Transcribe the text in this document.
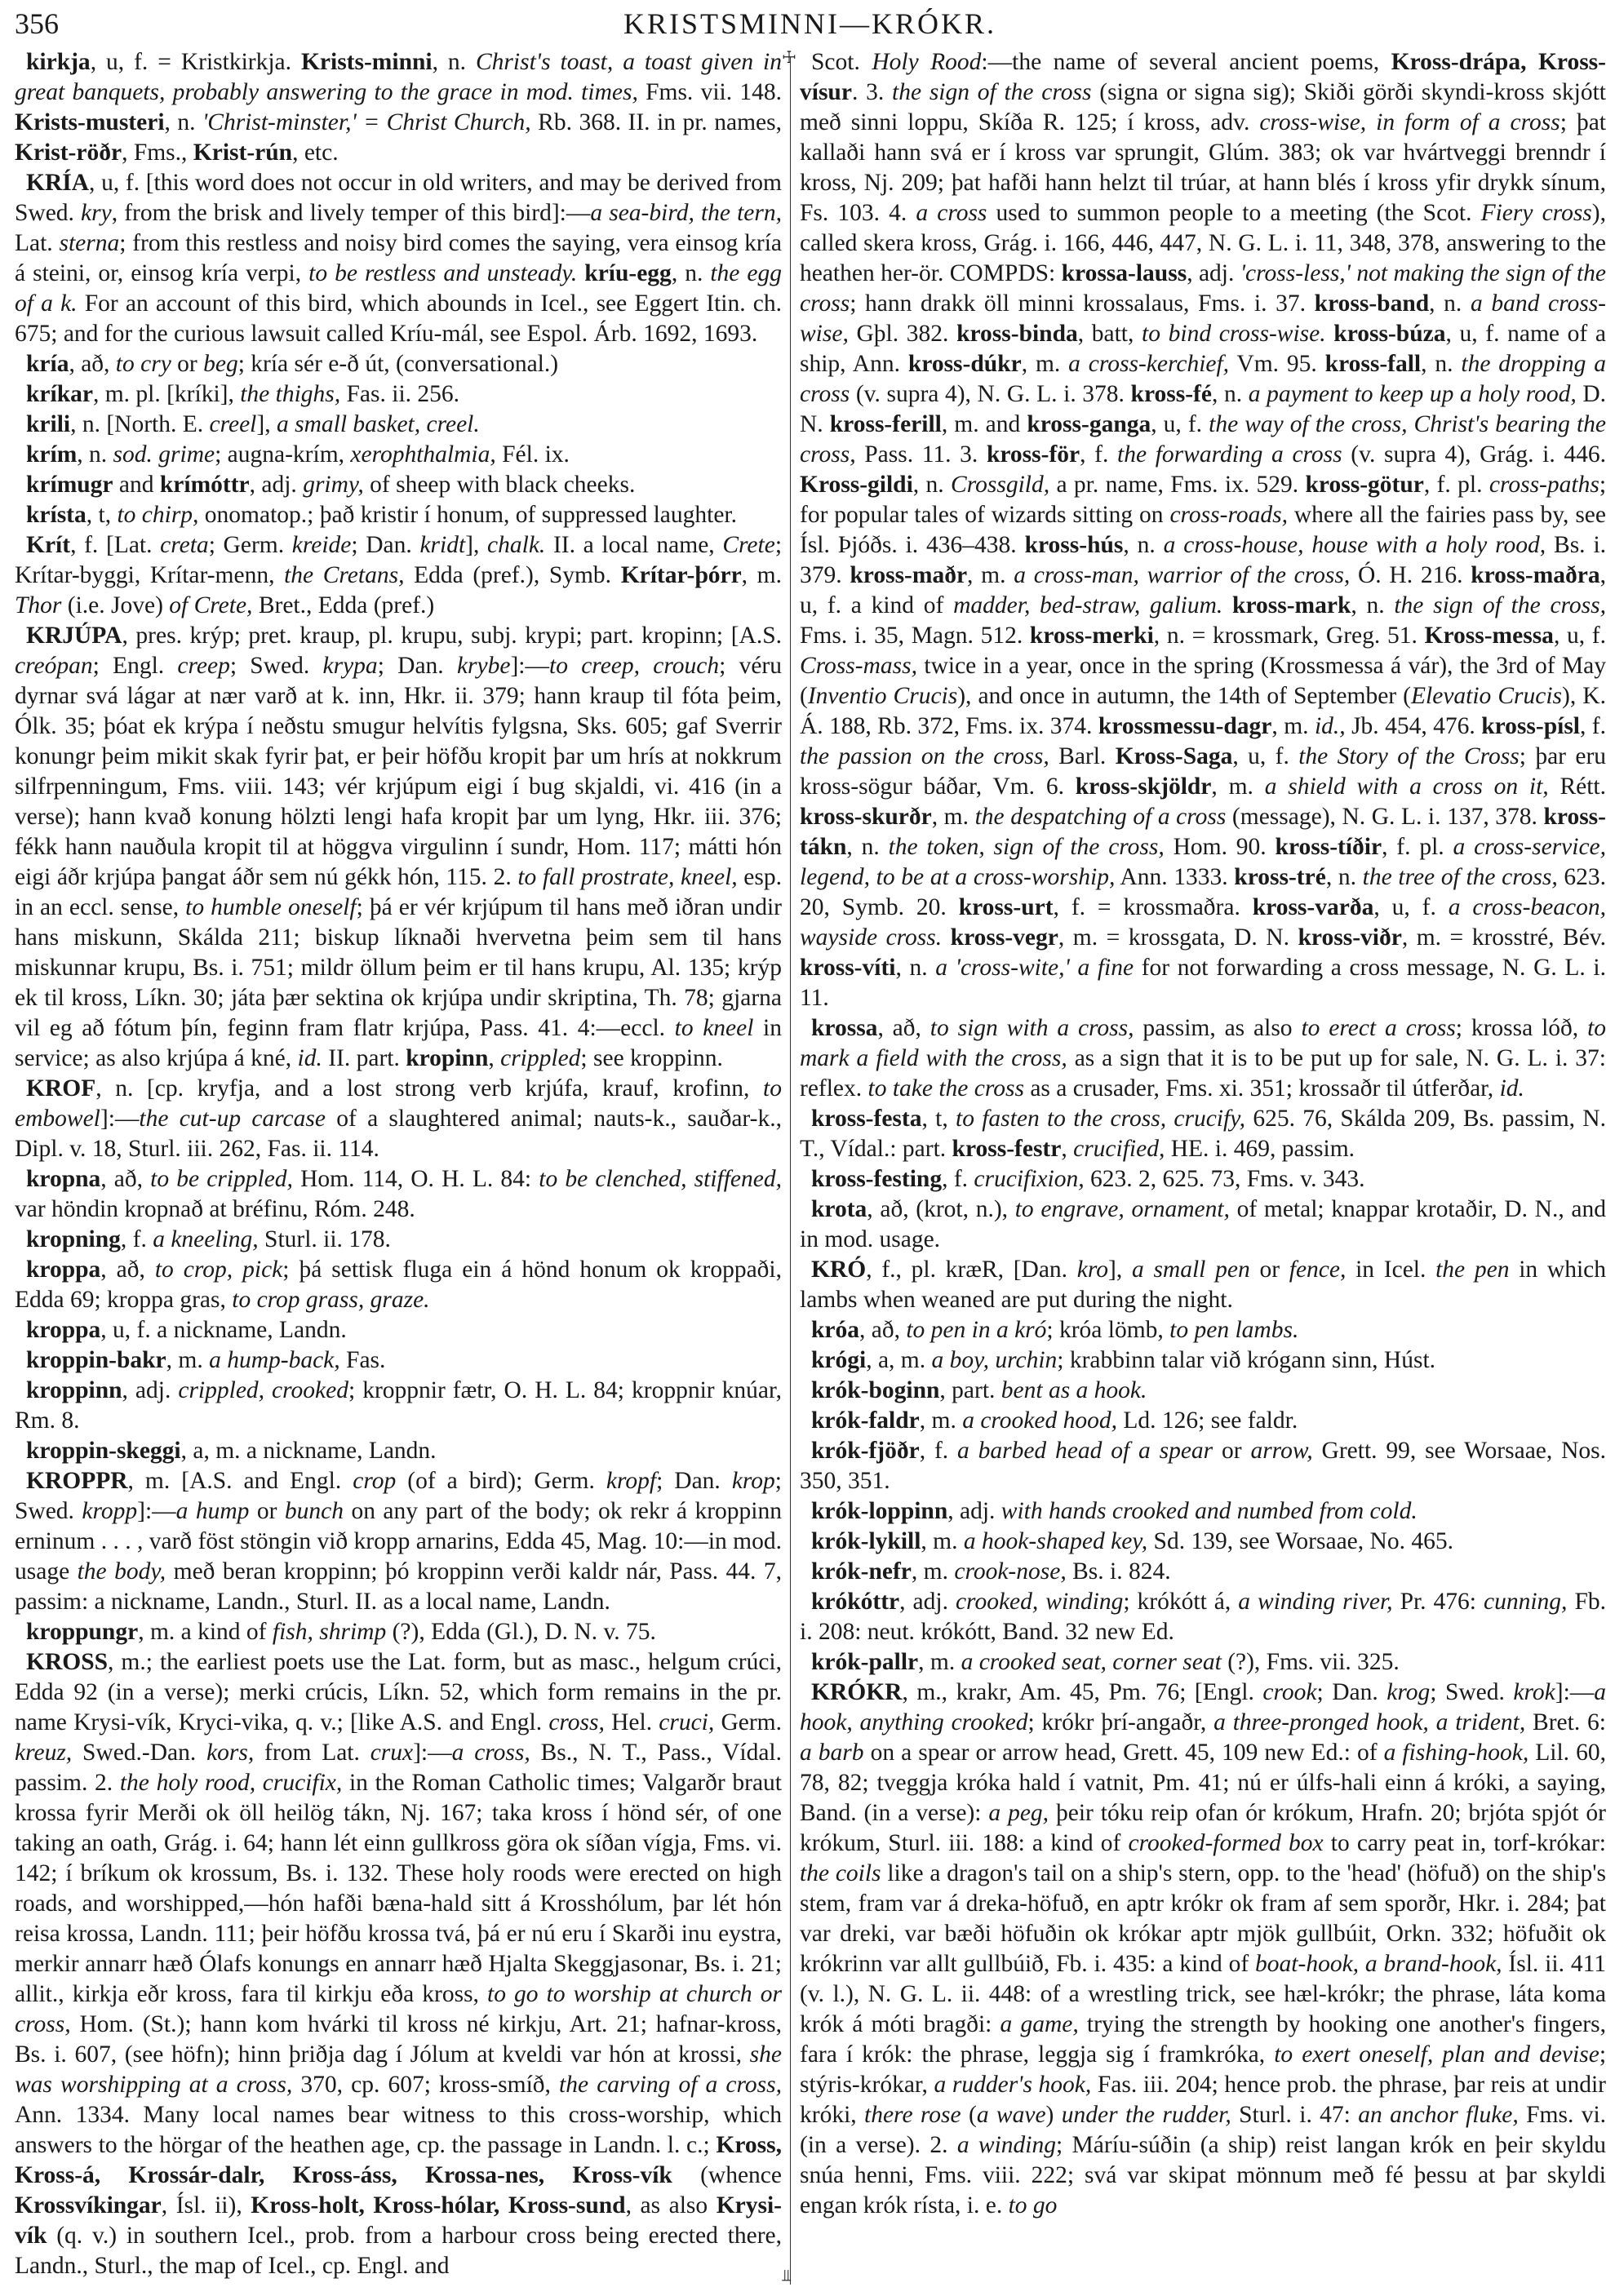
356	KRISTSMINNI—KRÓKR.
☩
⫫

kirkja, u, f. = Kristkirkja. Krists-minni, n. Christ's toast, a toast given in great banquets, probably answering to the grace in mod. times, Fms. vii. 148. Krists-musteri, n. 'Christ-minster,' = Christ Church, Rb. 368. II. in pr. names, Krist-röðr, Fms., Krist-rún, etc.

KRÍA, u, f. [this word does not occur in old writers, and may be derived from Swed. kry, from the brisk and lively temper of this bird]:—a sea-bird, the tern, Lat. sterna; from this restless and noisy bird comes the saying, vera einsog kría á steini, or, einsog kría verpi, to be restless and unsteady. kríu-egg, n. the egg of a k. For an account of this bird, which abounds in Icel., see Eggert Itin. ch. 675; and for the curious lawsuit called Kríu-mál, see Espol. Árb. 1692, 1693.

kría, að, to cry or beg; kría sér e-ð út, (conversational.)

kríkar, m. pl. [kríki], the thighs, Fas. ii. 256.

krili, n. [North. E. creel], a small basket, creel.

krím, n. sod. grime; augna-krím, xerophthalmia, Fél. ix.

krímugr and krímóttr, adj. grimy, of sheep with black cheeks.

krísta, t, to chirp, onomatop.; það kristir í honum, of suppressed laughter.

Krít, f. [Lat. creta; Germ. kreide; Dan. kridt], chalk. II. a local name, Crete; Krítar-byggi, Krítar-menn, the Cretans, Edda (pref.), Symb. Krítar-þórr, m. Thor (i.e. Jove) of Crete, Bret., Edda (pref.)

KRJÚPA, pres. krýp; pret. kraup, pl. krupu, subj. krypi; part. kropinn; [A.S. creópan; Engl. creep; Swed. krypa; Dan. krybe]:—to creep, crouch; véru dyrnar svá lágar at nær varð at k. inn, Hkr. ii. 379; hann kraup til fóta þeim, Ólk. 35; þóat ek krýpa í neðstu smugur helvítis fylgsna, Sks. 605; gaf Sverrir konungr þeim mikit skak fyrir þat, er þeir höfðu kropit þar um hrís at nokkrum silfrpenningum, Fms. viii. 143; vér krjúpum eigi í bug skjaldi, vi. 416 (in a verse); hann kvað konung hölzti lengi hafa kropit þar um lyng, Hkr. iii. 376; fékk hann nauðula kropit til at höggva virgulinn í sundr, Hom. 117; mátti hón eigi áðr krjúpa þangat áðr sem nú gékk hón, 115. 2. to fall prostrate, kneel, esp. in an eccl. sense, to humble oneself; þá er vér krjúpum til hans með iðran undir hans miskunn, Skálda 211; biskup líknaði hvervetna þeim sem til hans miskunnar krupu, Bs. i. 751; mildr öllum þeim er til hans krupu, Al. 135; krýp ek til kross, Líkn. 30; játa þær sektina ok krjúpa undir skriptina, Th. 78; gjarna vil eg að fótum þín, feginn fram flatr krjúpa, Pass. 41. 4:—eccl. to kneel in service; as also krjúpa á kné, id. II. part. kropinn, crippled; see kroppinn.

KROF, n. [cp. kryfja, and a lost strong verb krjúfa, krauf, krofinn, to embowel]:—the cut-up carcase of a slaughtered animal; nauts-k., sauðar-k., Dipl. v. 18, Sturl. iii. 262, Fas. ii. 114.

kropna, að, to be crippled, Hom. 114, O. H. L. 84: to be clenched, stiffened, var höndin kropnað at bréfinu, Róm. 248.

kropning, f. a kneeling, Sturl. ii. 178.

kroppa, að, to crop, pick; þá settisk fluga ein á hönd honum ok kroppaði, Edda 69; kroppa gras, to crop grass, graze.

kroppa, u, f. a nickname, Landn.

kroppin-bakr, m. a hump-back, Fas.

kroppinn, adj. crippled, crooked; kroppnir fætr, O. H. L. 84; kroppnir knúar, Rm. 8.

kroppin-skeggi, a, m. a nickname, Landn.

KROPPR, m. [A.S. and Engl. crop (of a bird); Germ. kropf; Dan. krop; Swed. kropp]:—a hump or bunch on any part of the body; ok rekr á kroppinn erninum . . . , varð föst stöngin við kropp arnarins, Edda 45, Mag. 10:—in mod. usage the body, með beran kroppinn; þó kroppinn verði kaldr nár, Pass. 44. 7, passim: a nickname, Landn., Sturl. II. as a local name, Landn.

kroppungr, m. a kind of fish, shrimp (?), Edda (Gl.), D. N. v. 75.

KROSS, m.; the earliest poets use the Lat. form, but as masc., helgum crúci, Edda 92 (in a verse); merki crúcis, Líkn. 52, which form remains in the pr. name Krysi-vík, Kryci-vika, q. v.; [like A.S. and Engl. cross, Hel. cruci, Germ. kreuz, Swed.-Dan. kors, from Lat. crux]:—a cross, Bs., N. T., Pass., Vídal. passim. 2. the holy rood, crucifix, in the Roman Catholic times; Valgarðr braut krossa fyrir Merði ok öll heilög tákn, Nj. 167; taka kross í hönd sér, of one taking an oath, Grág. i. 64; hann lét einn gullkross göra ok síðan vígja, Fms. vi. 142; í bríkum ok krossum, Bs. i. 132. These holy roods were erected on high roads, and worshipped,—hón hafði bæna-hald sitt á Krosshólum, þar lét hón reisa krossa, Landn. 111; þeir höfðu krossa tvá, þá er nú eru í Skarði inu eystra, merkir annarr hæð Ólafs konungs en annarr hæð Hjalta Skeggjasonar, Bs. i. 21; allit., kirkja eðr kross, fara til kirkju eða kross, to go to worship at church or cross, Hom. (St.); hann kom hvárki til kross né kirkju, Art. 21; hafnar-kross, Bs. i. 607, (see höfn); hinn þriðja dag í Jólum at kveldi var hón at krossi, she was worshipping at a cross, 370, cp. 607; kross-smíð, the carving of a cross, Ann. 1334. Many local names bear witness to this cross-worship, which answers to the hörgar of the heathen age, cp. the passage in Landn. l. c.; Kross, Kross-á, Krossár-dalr, Kross-áss, Krossa-nes, Kross-vík (whence Krossvíkingar, Ísl. ii), Kross-holt, Kross-hólar, Kross-sund, as also Krysi-vík (q. v.) in southern Icel., prob. from a harbour cross being erected there, Landn., Sturl., the map of Icel., cp. Engl. and

Scot. Holy Rood:—the name of several ancient poems, Kross-drápa, Kross-vísur. 3. the sign of the cross (signa or signa sig); Skiði görði skyndi-kross skjótt með sinni loppu, Skíða R. 125; í kross, adv. cross-wise, in form of a cross; þat kallaði hann svá er í kross var sprungit, Glúm. 383; ok var hvártveggi brenndr í kross, Nj. 209; þat hafði hann helzt til trúar, at hann blés í kross yfir drykk sínum, Fs. 103. 4. a cross used to summon people to a meeting (the Scot. Fiery cross), called skera kross, Grág. i. 166, 446, 447, N. G. L. i. 11, 348, 378, answering to the heathen her-ör. COMPDS: krossa-lauss, adj. 'cross-less,' not making the sign of the cross; hann drakk öll minni krossalaus, Fms. i. 37. kross-band, n. a band cross-wise, Gþl. 382. kross-binda, batt, to bind cross-wise. kross-búza, u, f. name of a ship, Ann. kross-dúkr, m. a cross-kerchief, Vm. 95. kross-fall, n. the dropping a cross (v. supra 4), N. G. L. i. 378. kross-fé, n. a payment to keep up a holy rood, D. N. kross-ferill, m. and kross-ganga, u, f. the way of the cross, Christ's bearing the cross, Pass. 11. 3. kross-för, f. the forwarding a cross (v. supra 4), Grág. i. 446. Kross-gildi, n. Crossgild, a pr. name, Fms. ix. 529. kross-götur, f. pl. cross-paths; for popular tales of wizards sitting on cross-roads, where all the fairies pass by, see Ísl. Þjóðs. i. 436–438. kross-hús, n. a cross-house, house with a holy rood, Bs. i. 379. kross-maðr, m. a cross-man, warrior of the cross, Ó. H. 216. kross-maðra, u, f. a kind of madder, bed-straw, galium. kross-mark, n. the sign of the cross, Fms. i. 35, Magn. 512. kross-merki, n. = krossmark, Greg. 51. Kross-messa, u, f. Cross-mass, twice in a year, once in the spring (Krossmessa á vár), the 3rd of May (Inventio Crucis), and once in autumn, the 14th of September (Elevatio Crucis), K. Á. 188, Rb. 372, Fms. ix. 374. krossmessu-dagr, m. id., Jb. 454, 476. kross-písl, f. the passion on the cross, Barl. Kross-Saga, u, f. the Story of the Cross; þar eru kross-sögur báðar, Vm. 6. kross-skjöldr, m. a shield with a cross on it, Rétt. kross-skurðr, m. the despatching of a cross (message), N. G. L. i. 137, 378. kross-tákn, n. the token, sign of the cross, Hom. 90. kross-tíðir, f. pl. a cross-service, legend, to be at a cross-worship, Ann. 1333. kross-tré, n. the tree of the cross, 623. 20, Symb. 20. kross-urt, f. = krossmaðra. kross-varða, u, f. a cross-beacon, wayside cross. kross-vegr, m. = krossgata, D. N. kross-viðr, m. = krosstré, Bév. kross-víti, n. a 'cross-wite,' a fine for not forwarding a cross message, N. G. L. i. 11.

krossa, að, to sign with a cross, passim, as also to erect a cross; krossa lóð, to mark a field with the cross, as a sign that it is to be put up for sale, N. G. L. i. 37: reflex. to take the cross as a crusader, Fms. xi. 351; krossaðr til útferðar, id.

kross-festa, t, to fasten to the cross, crucify, 625. 76, Skálda 209, Bs. passim, N. T., Vídal.: part. kross-festr, crucified, HE. i. 469, passim.

kross-festing, f. crucifixion, 623. 2, 625. 73, Fms. v. 343.

krota, að, (krot, n.), to engrave, ornament, of metal; knappar krotaðir, D. N., and in mod. usage.

KRÓ, f., pl. kræR, [Dan. kro], a small pen or fence, in Icel. the pen in which lambs when weaned are put during the night.

króa, að, to pen in a kró; króa lömb, to pen lambs.

krógi, a, m. a boy, urchin; krabbinn talar við krógann sinn, Húst.

krók-boginn, part. bent as a hook.

krók-faldr, m. a crooked hood, Ld. 126; see faldr.

krók-fjöðr, f. a barbed head of a spear or arrow, Grett. 99, see Worsaae, Nos. 350, 351.

krók-loppinn, adj. with hands crooked and numbed from cold.

krók-lykill, m. a hook-shaped key, Sd. 139, see Worsaae, No. 465.

krók-nefr, m. crook-nose, Bs. i. 824.

krókóttr, adj. crooked, winding; krókótt á, a winding river, Pr. 476: cunning, Fb. i. 208: neut. krókótt, Band. 32 new Ed.

krók-pallr, m. a crooked seat, corner seat (?), Fms. vii. 325.

KRÓKR, m., krakr, Am. 45, Pm. 76; [Engl. crook; Dan. krog; Swed. krok]:—a hook, anything crooked; krókr þrí-angaðr, a three-pronged hook, a trident, Bret. 6: a barb on a spear or arrow head, Grett. 45, 109 new Ed.: of a fishing-hook, Lil. 60, 78, 82; tveggja króka hald í vatnit, Pm. 41; nú er úlfs-hali einn á króki, a saying, Band. (in a verse): a peg, þeir tóku reip ofan ór krókum, Hrafn. 20; brjóta spjót ór krókum, Sturl. iii. 188: a kind of crooked-formed box to carry peat in, torf-krókar: the coils like a dragon's tail on a ship's stern, opp. to the 'head' (höfuð) on the ship's stem, fram var á dreka-höfuð, en aptr krókr ok fram af sem sporðr, Hkr. i. 284; þat var dreki, var bæði höfuðin ok krókar aptr mjök gullbúit, Orkn. 332; höfuðit ok krókrinn var allt gullbúið, Fb. i. 435: a kind of boat-hook, a brand-hook, Ísl. ii. 411 (v. l.), N. G. L. ii. 448: of a wrestling trick, see hæl-krókr; the phrase, láta koma krók á móti bragði: a game, trying the strength by hooking one another's fingers, fara í krók: the phrase, leggja sig í framkróka, to exert oneself, plan and devise; stýris-krókar, a rudder's hook, Fas. iii. 204; hence prob. the phrase, þar reis at undir króki, there rose (a wave) under the rudder, Sturl. i. 47: an anchor fluke, Fms. vi. (in a verse). 2. a winding; Máríu-súðin (a ship) reist langan krók en þeir skyldu snúa henni, Fms. viii. 222; svá var skipat mönnum með fé þessu at þar skyldi engan krók rísta, i. e. to go
